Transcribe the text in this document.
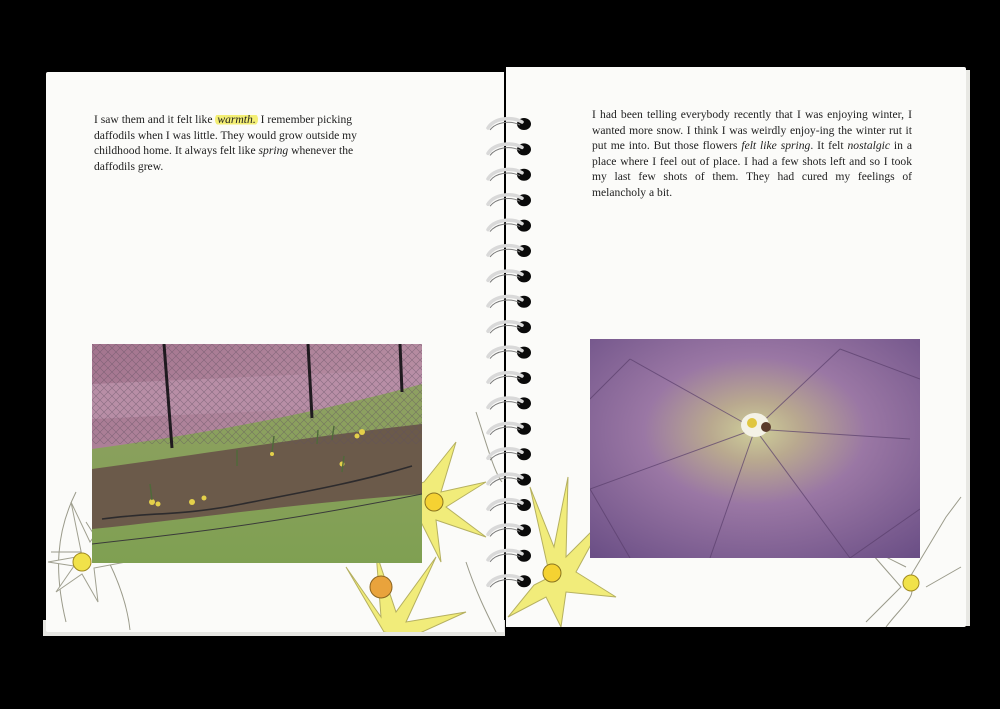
I saw them and it felt like warmth. I remember picking daffodils when I was little. They would grow outside my childhood home. It always felt like spring whenever the daffodils grew.

I had been telling everybody recently that I was enjoying winter, I wanted more snow. I think I was weirdly enjoy-ing the winter rut it put me into. But those flowers felt like spring. It felt nostalgic in a place where I feel out of place. I had a few shots left and so I took my last few shots of them. They had cured my feelings of melancholy a bit.
